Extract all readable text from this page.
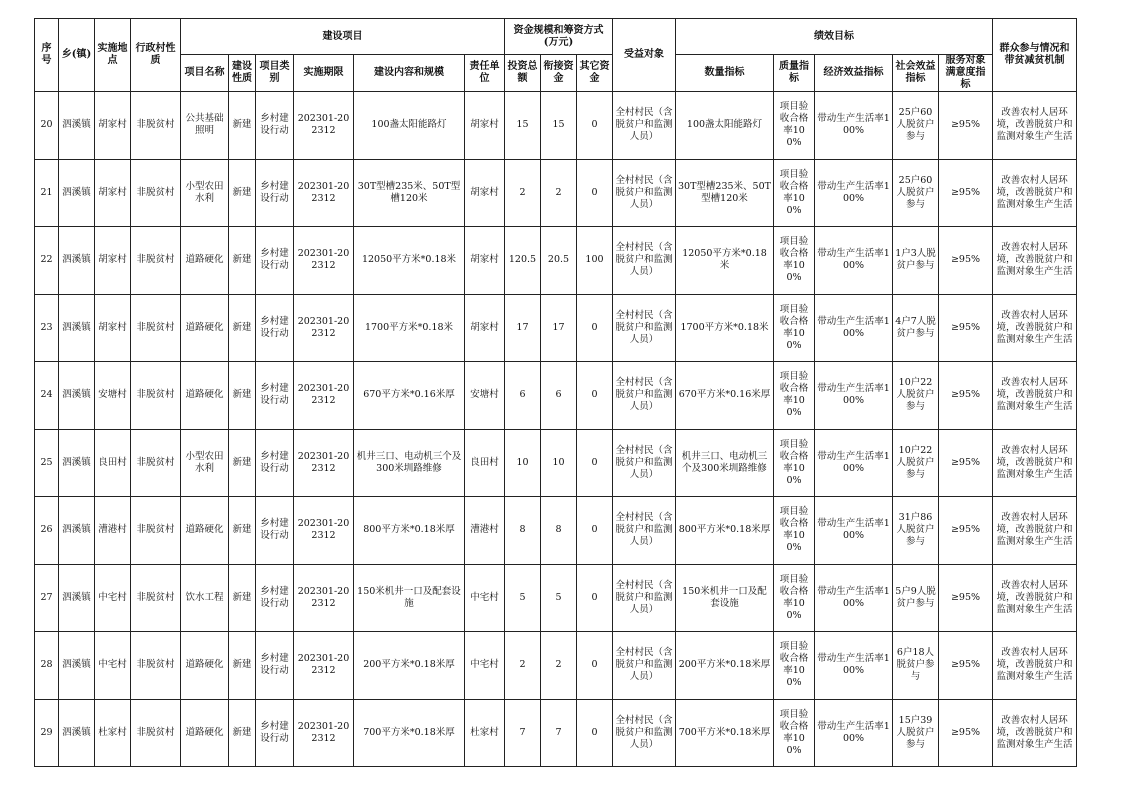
序号	乡(镇)	实施地点	行政村性质	建设项目						资金规模和筹资方式(万元)			受益对象	绩效目标					群众参与情况和带贫减贫机制
				项目名称	建设性质	项目类别	实施期限	建设内容和规模	责任单位	投资总额	衔接资金	其它资金		数量指标	质量指标	经济效益指标	社会效益指标	服务对象满意度指标	
20	泗溪镇	胡家村	非脱贫村	公共基础照明	新建	乡村建设行动	202301-202312	100盏太阳能路灯	胡家村	15	15	0	全村村民（含脱贫户和监测人员）	100盏太阳能路灯	项目验收合格率100%	带动生产生活率100%	25户60人脱贫户参与	≥95%	改善农村人居环境，改善脱贫户和监测对象生产生活
21	泗溪镇	胡家村	非脱贫村	小型农田水利	新建	乡村建设行动	202301-202312	30T型槽235米、50T型槽120米	胡家村	2	2	0	全村村民（含脱贫户和监测人员）	30T型槽235米、50T型槽120米	项目验收合格率100%	带动生产生活率100%	25户60人脱贫户参与	≥95%	改善农村人居环境，改善脱贫户和监测对象生产生活
22	泗溪镇	胡家村	非脱贫村	道路硬化	新建	乡村建设行动	202301-202312	12050平方米*0.18米	胡家村	120.5	20.5	100	全村村民（含脱贫户和监测人员）	12050平方米*0.18米	项目验收合格率100%	带动生产生活率100%	1户3人脱贫户参与	≥95%	改善农村人居环境，改善脱贫户和监测对象生产生活
23	泗溪镇	胡家村	非脱贫村	道路硬化	新建	乡村建设行动	202301-202312	1700平方米*0.18米	胡家村	17	17	0	全村村民（含脱贫户和监测人员）	1700平方米*0.18米	项目验收合格率100%	带动生产生活率100%	4户7人脱贫户参与	≥95%	改善农村人居环境，改善脱贫户和监测对象生产生活
24	泗溪镇	安塘村	非脱贫村	道路硬化	新建	乡村建设行动	202301-202312	670平方米*0.16米厚	安塘村	6	6	0	全村村民（含脱贫户和监测人员）	670平方米*0.16米厚	项目验收合格率100%	带动生产生活率100%	10户22人脱贫户参与	≥95%	改善农村人居环境，改善脱贫户和监测对象生产生活
25	泗溪镇	良田村	非脱贫村	小型农田水利	新建	乡村建设行动	202301-202312	机井三口、电动机三个及300米圳路维修	良田村	10	10	0	全村村民（含脱贫户和监测人员）	机井三口、电动机三个及300米圳路维修	项目验收合格率100%	带动生产生活率100%	10户22人脱贫户参与	≥95%	改善农村人居环境，改善脱贫户和监测对象生产生活
26	泗溪镇	漕港村	非脱贫村	道路硬化	新建	乡村建设行动	202301-202312	800平方米*0.18米厚	漕港村	8	8	0	全村村民（含脱贫户和监测人员）	800平方米*0.18米厚	项目验收合格率100%	带动生产生活率100%	31户86人脱贫户参与	≥95%	改善农村人居环境，改善脱贫户和监测对象生产生活
27	泗溪镇	中宅村	非脱贫村	饮水工程	新建	乡村建设行动	202301-202312	150米机井一口及配套设施	中宅村	5	5	0	全村村民（含脱贫户和监测人员）	150米机井一口及配套设施	项目验收合格率100%	带动生产生活率100%	5户9人脱贫户参与	≥95%	改善农村人居环境，改善脱贫户和监测对象生产生活
28	泗溪镇	中宅村	非脱贫村	道路硬化	新建	乡村建设行动	202301-202312	200平方米*0.18米厚	中宅村	2	2	0	全村村民（含脱贫户和监测人员）	200平方米*0.18米厚	项目验收合格率100%	带动生产生活率100%	6户18人脱贫户参与	≥95%	改善农村人居环境，改善脱贫户和监测对象生产生活
29	泗溪镇	杜家村	非脱贫村	道路硬化	新建	乡村建设行动	202301-202312	700平方米*0.18米厚	杜家村	7	7	0	全村村民（含脱贫户和监测人员）	700平方米*0.18米厚	项目验收合格率100%	带动生产生活率100%	15户39人脱贫户参与	≥95%	改善农村人居环境，改善脱贫户和监测对象生产生活
